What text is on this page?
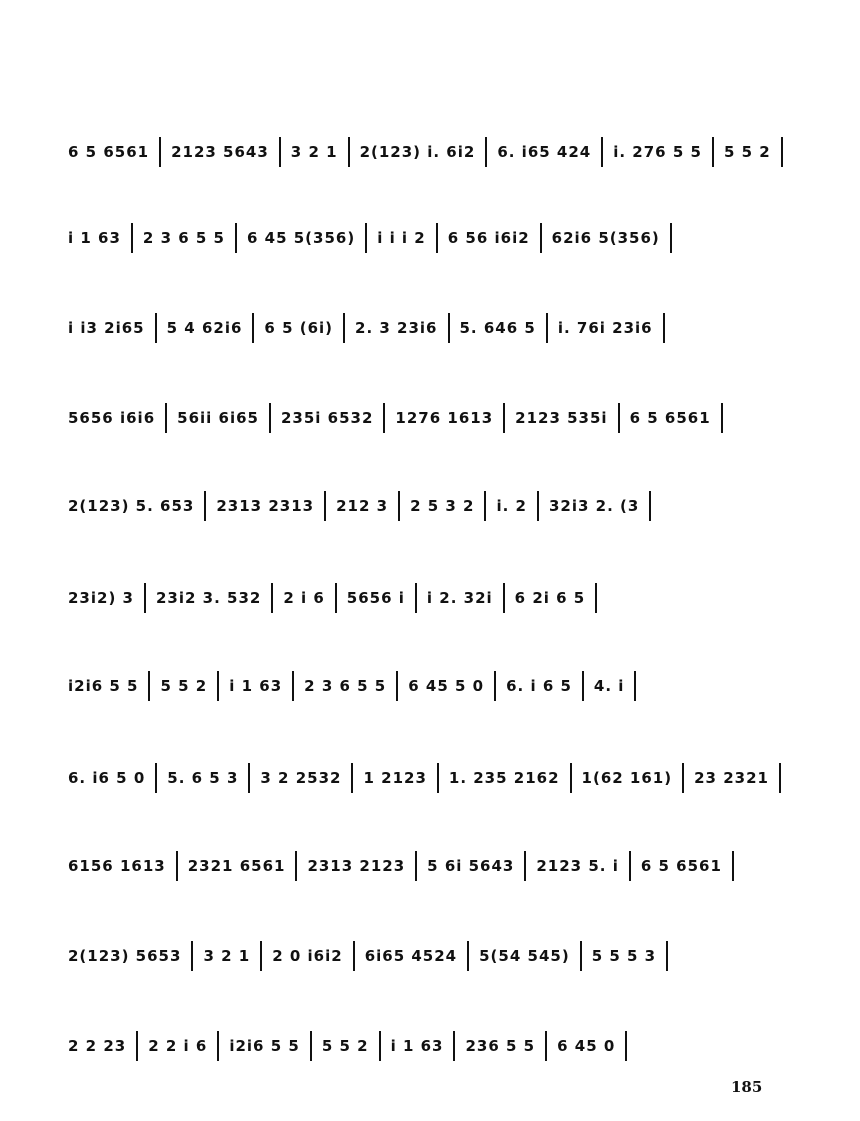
6 5 6561 2123 5643 3 2 1 2(123) i. 6i2 6. i65 424 i. 276 5 5 5 5 2
i 1 63 2 3 6 5 5 6 45 5(356) i i i 2 6 56 i6i2 62i6 5(356)
i i3 2i65 5 4 62i6 6 5 (6i) 2. 3 23i6 5. 646 5 i. 76i 23i6
5656 i6i6 56ii 6i65 235i 6532 1276 1613 2123 535i 6 5 6561
2(123) 5. 653 2313 2313 212 3 2 5 3 2 i. 2 32i3 2. (3
23i2) 3 23i2 3. 532 2 i 6 5656 i i 2. 32i 6 2i 6 5
i2i6 5 5 5 5 2 i 1 63 2 3 6 5 5 6 45 5 0 6. i 6 5 4. i
6. i6 5 0 5. 6 5 3 3 2 2532 1 2123 1. 235 2162 1(62 161) 23 2321
6156 1613 2321 6561 2313 2123 5 6i 5643 2123 5. i 6 5 6561
2(123) 5653 3 2 1 2 0 i6i2 6i65 4524 5(54 545) 5 5 5 3
2 2 23 2 2 i 6 i2i6 5 5 5 5 2 i 1 63 236 5 5 6 45 0
185
